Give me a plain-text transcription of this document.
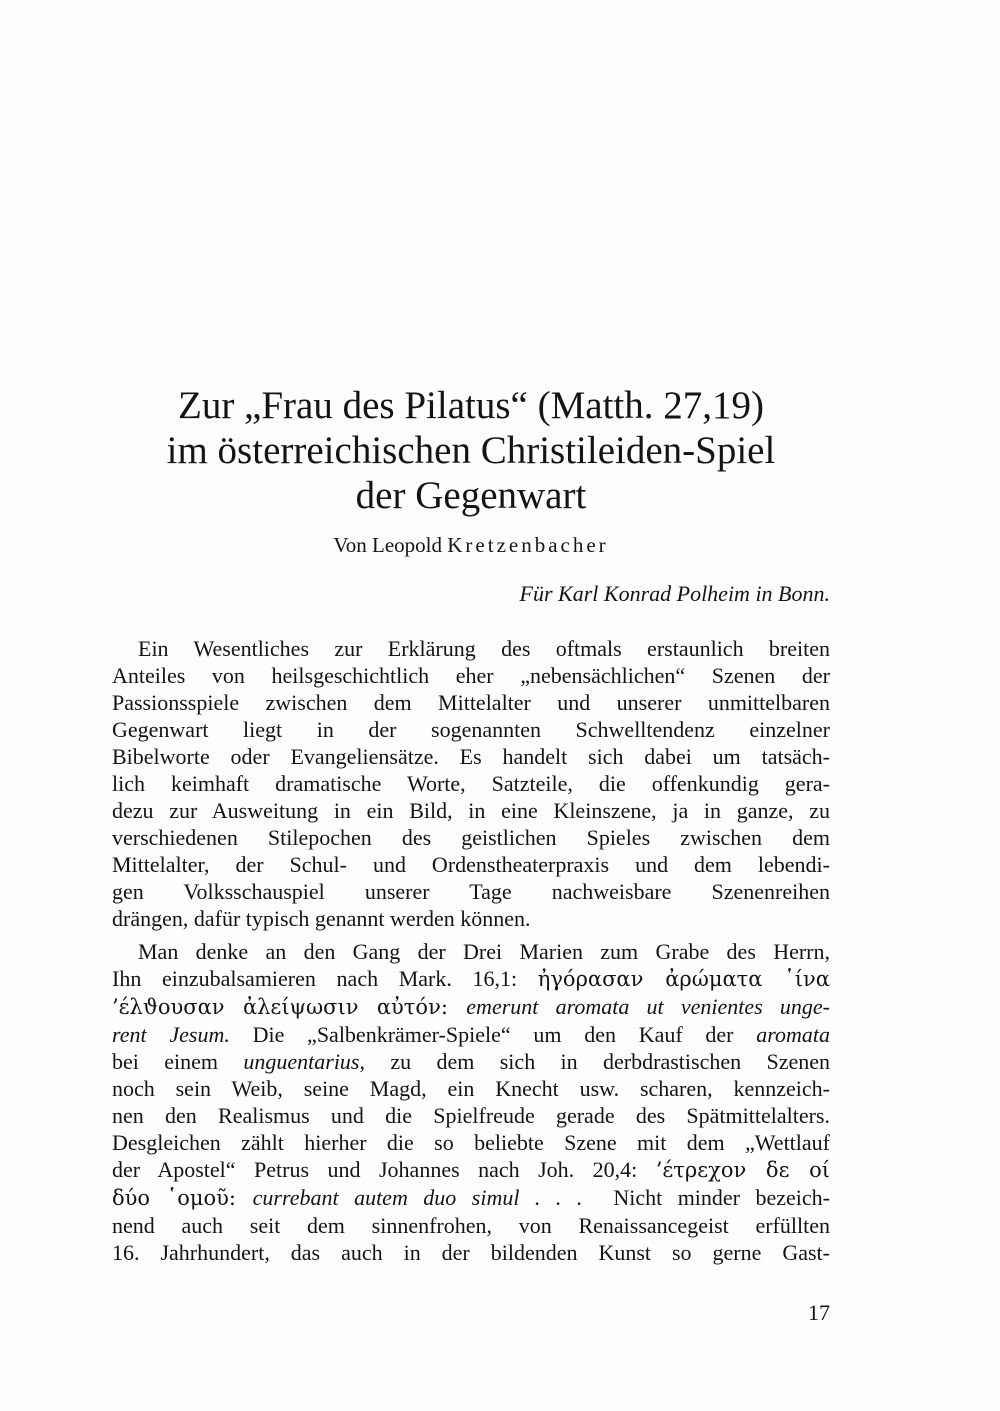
Zur „Frau des Pilatus“ (Matth. 27,19)
im österreichischen Christileiden-Spiel
der Gegenwart
Von Leopold Kretzenbacher
Für Karl Konrad Polheim in Bonn.
Ein Wesentliches zur Erklärung des oftmals erstaunlich breiten
Anteiles von heilsgeschichtlich eher „nebensächlichen“ Szenen der
Passionsspiele zwischen dem Mittelalter und unserer unmittelbaren
Gegenwart liegt in der sogenannten Schwelltendenz einzelner
Bibelworte oder Evangeliensätze. Es handelt sich dabei um tatsäch-
lich keimhaft dramatische Worte, Satzteile, die offenkundig gera-
dezu zur Ausweitung in ein Bild, in eine Kleinszene, ja in ganze, zu
verschiedenen Stilepochen des geistlichen Spieles zwischen dem
Mittelalter, der Schul- und Ordenstheaterpraxis und dem lebendi-
gen Volksschauspiel unserer Tage nachweisbare Szenenreihen
drängen, dafür typisch genannt werden können.
Man denke an den Gang der Drei Marien zum Grabe des Herrn,
Ihn einzubalsamieren nach Mark. 16,1: ἠγόρασαν ἀρώματα ῾ίνα
’έλϑουσαν ἀλείψωσιν αὐτόν: emerunt aromata ut venientes unge-
rent Jesum. Die „Salbenkrämer-Spiele“ um den Kauf der aromata
bei einem unguentarius, zu dem sich in derbdrastischen Szenen
noch sein Weib, seine Magd, ein Knecht usw. scharen, kennzeich-
nen den Realismus und die Spielfreude gerade des Spätmittelalters.
Desgleichen zählt hierher die so beliebte Szene mit dem „Wettlauf
der Apostel“ Petrus und Johannes nach Joh. 20,4: ’έτρεχον δε οί
δύο ῾ομοῦ: currebant autem duo simul . . .  Nicht minder bezeich-
nend auch seit dem sinnenfrohen, von Renaissancegeist erfüllten
16. Jahrhundert, das auch in der bildenden Kunst so gerne Gast-
17
